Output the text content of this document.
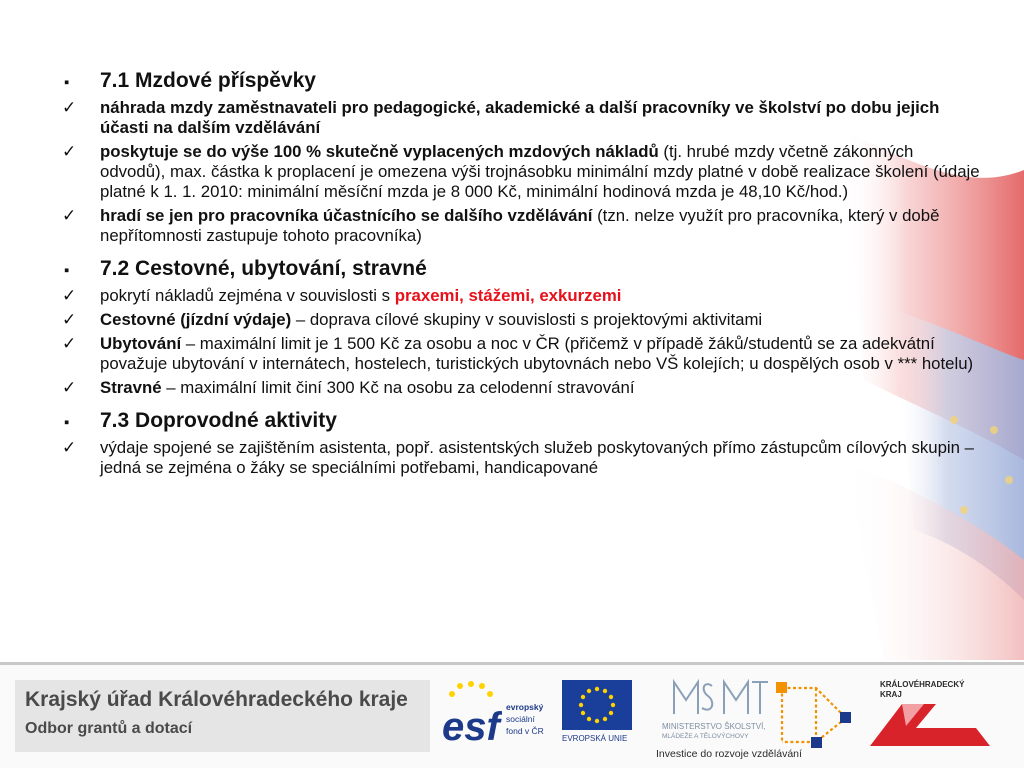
▪ 7.1 Mzdové příspěvky
✓ náhrada mzdy zaměstnavateli pro pedagogické, akademické a další pracovníky ve školství po dobu jejich účasti na dalším vzdělávání
✓ poskytuje se do výše 100 % skutečně vyplacených mzdových nákladů (tj. hrubé mzdy včetně zákonných odvodů), max. částka k proplacení je omezena výši trojnásobku minimální mzdy platné v době realizace školení (údaje platné k 1. 1. 2010: minimální měsíční mzda je 8 000 Kč, minimální hodinová mzda je 48,10 Kč/hod.)
✓ hradí se jen pro pracovníka účastnícího se dalšího vzdělávání (tzn. nelze využít pro pracovníka, který v době nepřítomnosti zastupuje tohoto pracovníka)
▪ 7.2 Cestovné, ubytování, stravné
✓ pokrytí nákladů zejména v souvislosti s praxemi, stážemi, exkurzemi
✓ Cestovné (jízdní výdaje) – doprava cílové skupiny v souvislosti s projektovými aktivitami
✓ Ubytování – maximální limit je 1 500 Kč za osobu a noc v ČR (přičemž v případě žáků/studentů se za adekvátní považuje ubytování v internátech, hostelech, turistických ubytovnách nebo VŠ kolejích; u dospělých osob v *** hotelu)
✓ Stravné – maximální limit činí 300 Kč na osobu za celodenní stravování
▪ 7.3 Doprovodné aktivity
✓ výdaje spojené se zajištěním asistenta, popř. asistentských služeb poskytovaných přímo zástupcům cílových skupin – jedná se zejména o žáky se speciálními potřebami, handicapované
Krajský úřad Královéhradeckého kraje
Odbor grantů a dotací	esf evropský
sociální
fond v ČR
EVROPSKÁ UNIE
MINISTERSTVO ŠKOLSTVÍ,
MLÁDEŽE A TĚLOVÝCHOVY
KRÁLOVÉHRADECKÝ
KRAJ
Investice do rozvoje vzdělávání
